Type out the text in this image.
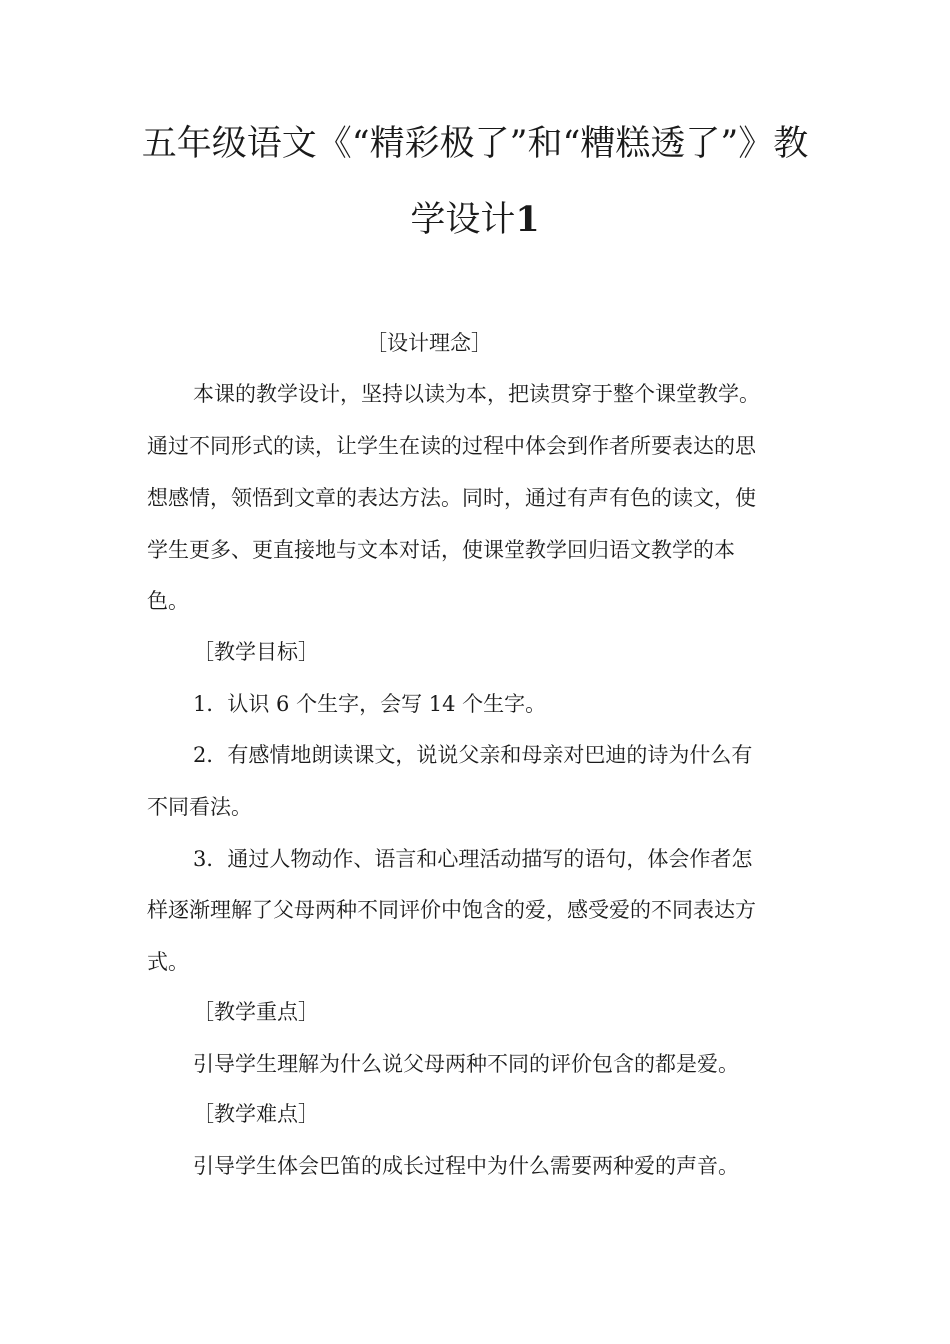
五年级语文《“精彩极了”和“糟糕透了”》教
学设计1
［设计理念］
本课的教学设计，坚持以读为本，把读贯穿于整个课堂教学。
通过不同形式的读，让学生在读的过程中体会到作者所要表达的思
想感情，领悟到文章的表达方法。同时，通过有声有色的读文，使
学生更多、更直接地与文本对话，使课堂教学回归语文教学的本
色。
［教学目标］
1．认识 6 个生字，会写 14 个生字。
2．有感情地朗读课文，说说父亲和母亲对巴迪的诗为什么有
不同看法。
3．通过人物动作、语言和心理活动描写的语句，体会作者怎
样逐渐理解了父母两种不同评价中饱含的爱，感受爱的不同表达方
式。
［教学重点］
引导学生理解为什么说父母两种不同的评价包含的都是爱。
［教学难点］
引导学生体会巴笛的成长过程中为什么需要两种爱的声音。
